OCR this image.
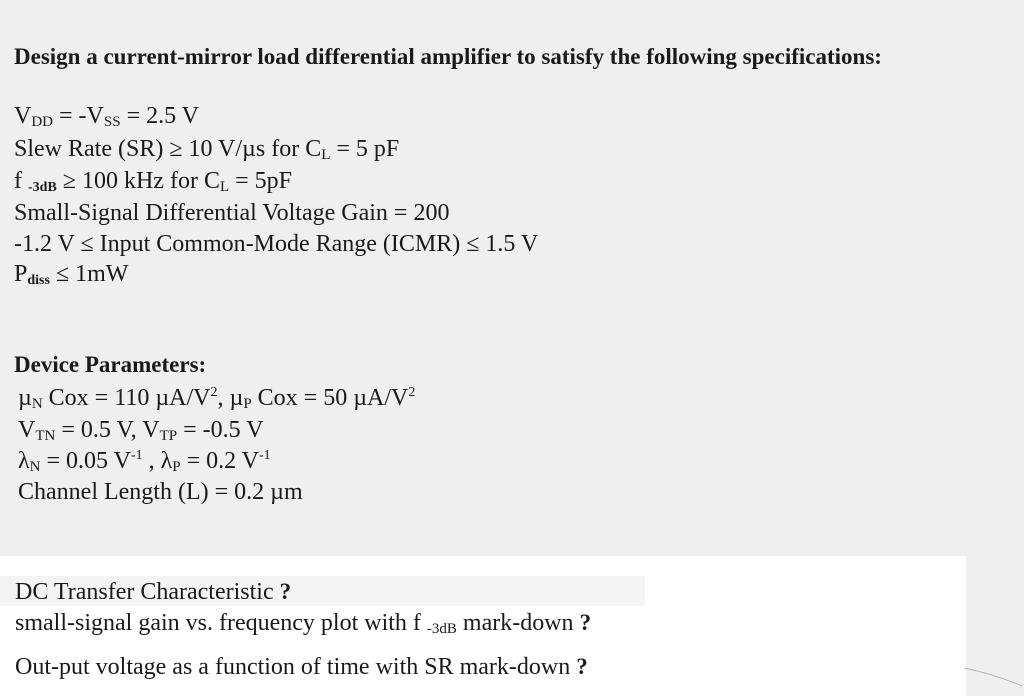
Design a current-mirror load differential amplifier to satisfy the following specifications:

VDD = -VSS = 2.5 V
Slew Rate (SR) ≥ 10 V/µs for CL = 5 pF
f -3dB ≥ 100 kHz for CL = 5pF
Small-Signal Differential Voltage Gain = 200
-1.2 V ≤ Input Common-Mode Range (ICMR) ≤ 1.5 V
Pdiss ≤ 1mW

Device Parameters:

µN Cox = 110 $\mu A/V^2$, µP Cox = 50 $\mu A/V^2$
VTN = 0.5 V, VTP = -0.5 V
λN = 0.05 $V^{-1}$ , λP = 0.2 $V^{-1}$
Channel Length (L) = 0.2 µm
DC Transfer Characteristic ?
small-signal gain vs. frequency plot with f -3dB mark-down ?
Out-put voltage as a function of time with SR mark-down ?
